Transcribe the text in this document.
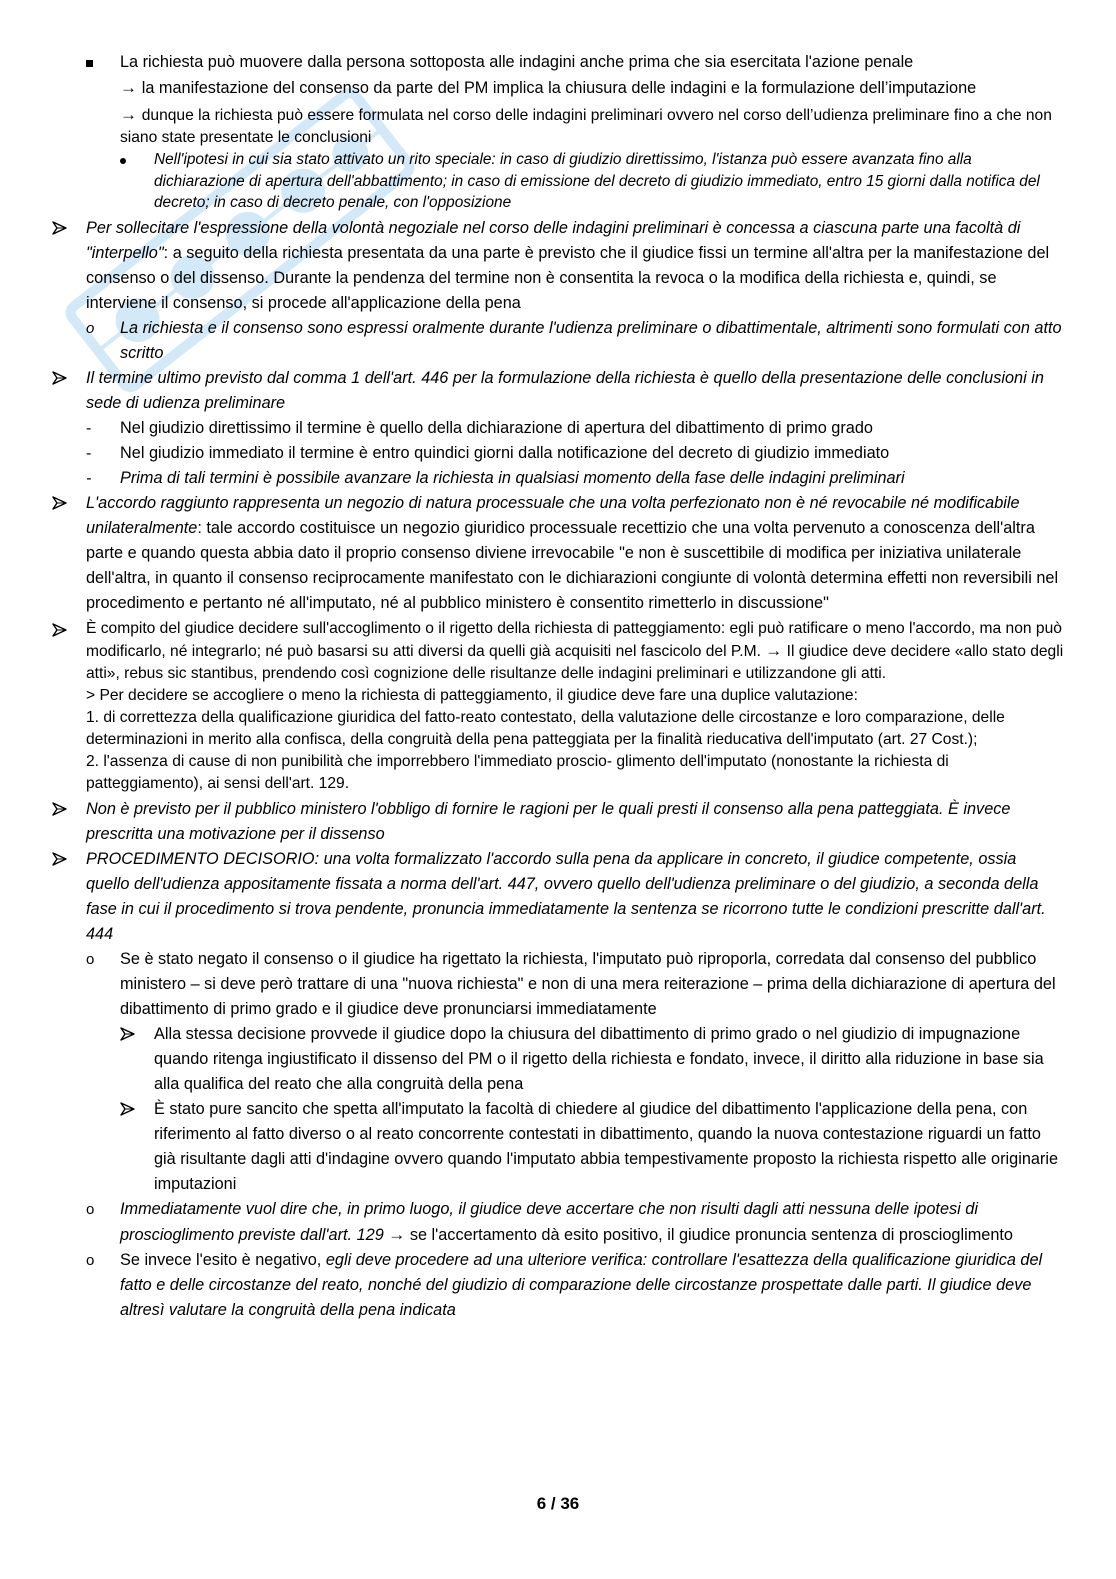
La richiesta può muovere dalla persona sottoposta alle indagini anche prima che sia esercitata l'azione penale
→ la manifestazione del consenso da parte del PM implica la chiusura delle indagini e la formulazione dell’imputazione
→ dunque la richiesta può essere formulata nel corso delle indagini preliminari ovvero nel corso dell’udienza preliminare fino a che non siano state presentate le conclusioni
Nell'ipotesi in cui sia stato attivato un rito speciale: in caso di giudizio direttissimo, l'istanza può essere avanzata fino alla dichiarazione di apertura dell'abbattimento; in caso di emissione del decreto di giudizio immediato, entro 15 giorni dalla notifica del decreto; in caso di decreto penale, con l'opposizione
Per sollecitare l'espressione della volontà negoziale nel corso delle indagini preliminari è concessa a ciascuna parte una facoltà di "interpello": a seguito della richiesta presentata da una parte è previsto che il giudice fissi un termine all'altra per la manifestazione del consenso o del dissenso. Durante la pendenza del termine non è consentita la revoca o la modifica della richiesta e, quindi, se interviene il consenso, si procede all'applicazione della pena
o La richiesta e il consenso sono espressi oralmente durante l'udienza preliminare o dibattimentale, altrimenti sono formulati con atto scritto
Il termine ultimo previsto dal comma 1 dell'art. 446 per la formulazione della richiesta è quello della presentazione delle conclusioni in sede di udienza preliminare
- Nel giudizio direttissimo il termine è quello della dichiarazione di apertura del dibattimento di primo grado
- Nel giudizio immediato il termine è entro quindici giorni dalla notificazione del decreto di giudizio immediato
- Prima di tali termini è possibile avanzare la richiesta in qualsiasi momento della fase delle indagini preliminari
L'accordo raggiunto rappresenta un negozio di natura processuale che una volta perfezionato non è né revocabile né modificabile unilateralmente: tale accordo costituisce un negozio giuridico processuale recettizio che una volta pervenuto a conoscenza dell'altra parte e quando questa abbia dato il proprio consenso diviene irrevocabile "e non è suscettibile di modifica per iniziativa unilaterale dell'altra, in quanto il consenso reciprocamente manifestato con le dichiarazioni congiunte di volontà determina effetti non reversibili nel procedimento e pertanto né all'imputato, né al pubblico ministero è consentito rimetterlo in discussione"
È compito del giudice decidere sull'accoglimento o il rigetto della richiesta di patteggiamento: egli può ratificare o meno l'accordo, ma non può modificarlo, né integrarlo; né può basarsi su atti diversi da quelli già acquisiti nel fascicolo del P.M. → Il giudice deve decidere «allo stato degli atti», rebus sic stantibus, prendendo così cognizione delle risultanze delle indagini preliminari e utilizzandone gli atti.
> Per decidere se accogliere o meno la richiesta di patteggiamento, il giudice deve fare una duplice valutazione:
1. di correttezza della qualificazione giuridica del fatto-reato contestato, della valutazione delle circostanze e loro comparazione, delle determinazioni in merito alla confisca, della congruità della pena patteggiata per la finalità rieducativa dell'imputato (art. 27 Cost.);
2. l'assenza di cause di non punibilità che imporrebbero l'immediato proscio- glimento dell'imputato (nonostante la richiesta di patteggiamento), ai sensi dell'art. 129.
Non è previsto per il pubblico ministero l'obbligo di fornire le ragioni per le quali presti il consenso alla pena patteggiata. È invece prescritta una motivazione per il dissenso
PROCEDIMENTO DECISORIO: una volta formalizzato l'accordo sulla pena da applicare in concreto, il giudice competente, ossia quello dell'udienza appositamente fissata a norma dell'art. 447, ovvero quello dell'udienza preliminare o del giudizio, a seconda della fase in cui il procedimento si trova pendente, pronuncia immediatamente la sentenza se ricorrono tutte le condizioni prescritte dall'art. 444
o Se è stato negato il consenso o il giudice ha rigettato la richiesta, l'imputato può riproporla, corredata dal consenso del pubblico ministero – si deve però trattare di una "nuova richiesta" e non di una mera reiterazione – prima della dichiarazione di apertura del dibattimento di primo grado e il giudice deve pronunciarsi immediatamente
Alla stessa decisione provvede il giudice dopo la chiusura del dibattimento di primo grado o nel giudizio di impugnazione quando ritenga ingiustificato il dissenso del PM o il rigetto della richiesta e fondato, invece, il diritto alla riduzione in base sia alla qualifica del reato che alla congruità della pena
È stato pure sancito che spetta all'imputato la facoltà di chiedere al giudice del dibattimento l'applicazione della pena, con riferimento al fatto diverso o al reato concorrente contestati in dibattimento, quando la nuova contestazione riguardi un fatto già risultante dagli atti d'indagine ovvero quando l'imputato abbia tempestivamente proposto la richiesta rispetto alle originarie imputazioni
o Immediatamente vuol dire che, in primo luogo, il giudice deve accertare che non risulti dagli atti nessuna delle ipotesi di proscioglimento previste dall'art. 129 → se l'accertamento dà esito positivo, il giudice pronuncia sentenza di proscioglimento
o Se invece l'esito è negativo, egli deve procedere ad una ulteriore verifica: controllare l'esattezza della qualificazione giuridica del fatto e delle circostanze del reato, nonché del giudizio di comparazione delle circostanze prospettate dalle parti. Il giudice deve altresì valutare la congruità della pena indicata
6 / 36
